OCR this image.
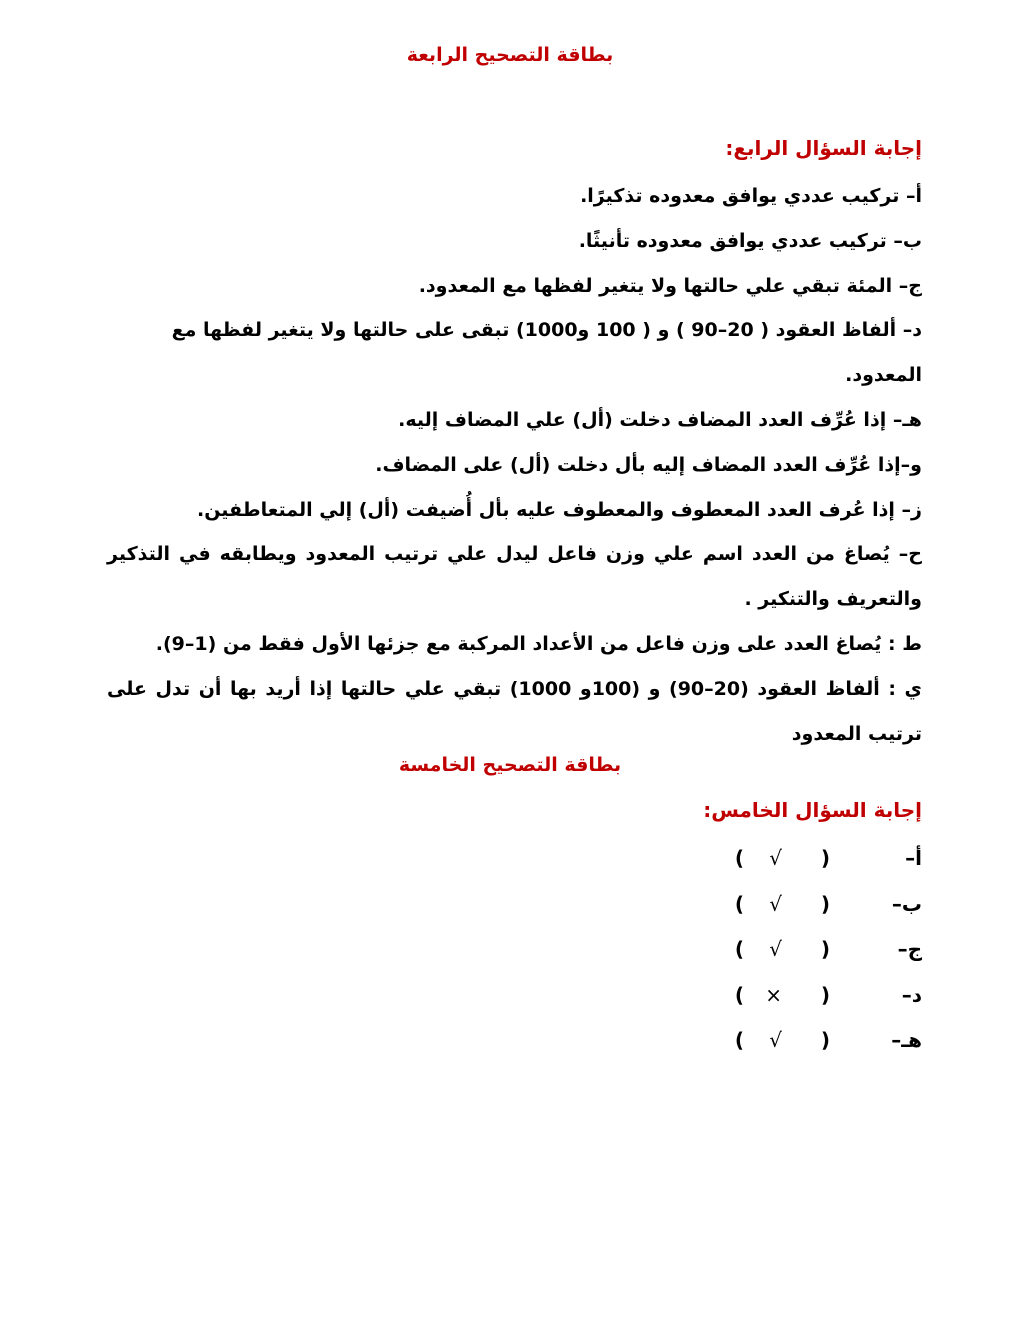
بطاقة التصحيح الرابعة
إجابة السؤال الرابع:
أ– تركيب عددي يوافق معدوده تذكيرًا.
ب– تركيب عددي يوافق معدوده تأنيثًا.
ج– المئة تبقي علي حالتها ولا يتغير لفظها مع المعدود.
د– ألفاظ العقود ( 20–90 ) و ( 100 و1000) تبقى على حالتها ولا يتغير لفظها مع المعدود.
هـ– إذا عُرِّف العدد المضاف دخلت (أل) علي المضاف إليه.
و–إذا عُرِّف العدد المضاف إليه بأل دخلت (أل) على المضاف.
ز– إذا عُرف العدد المعطوف والمعطوف عليه بأل أُضيفت (أل) إلي المتعاطفين.
ح– يُصاغ من العدد اسم علي وزن فاعل ليدل علي ترتيب المعدود ويطابقه في التذكير والتعريف والتنكير .
ط : يُصاغ العدد على وزن فاعل من الأعداد المركبة مع جزئها الأول فقط من (1–9).
ي : ألفاظ العقود (20–90) و (100و 1000) تبقي علي حالتها إذا أريد بها أن تدل على ترتيب المعدود
بطاقة التصحيح الخامسة
إجابة السؤال الخامس:
أ–
(
√
)
ب–
(
√
)
ج–
(
√
)
د–
(
×
)
هـ–
(
√
)
